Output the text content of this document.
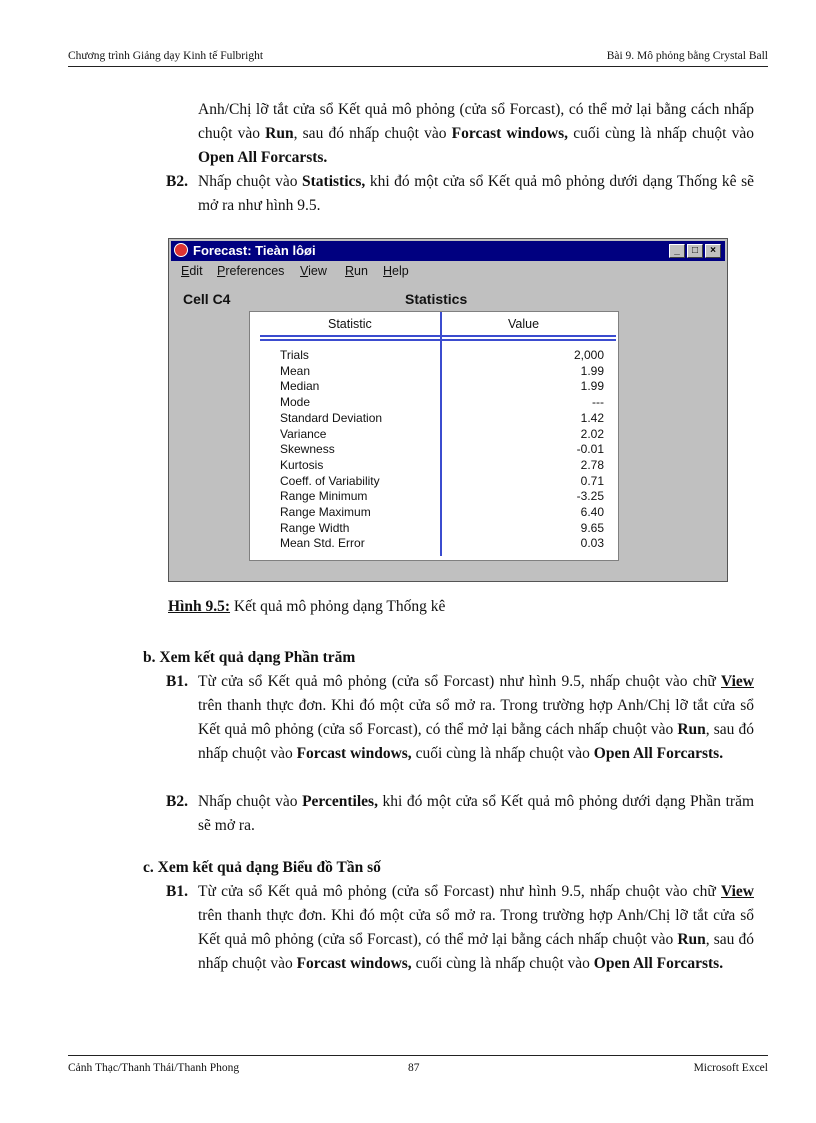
Chương trình Giảng dạy Kinh tế Fulbright	Bài 9. Mô phỏng bằng Crystal Ball
Anh/Chị lỡ tắt cửa sổ Kết quả mô phỏng (cửa sổ Forcast), có thể mở lại bằng cách nhấp chuột vào Run, sau đó nhấp chuột vào Forcast windows, cuối cùng là nhấp chuột vào Open All Forcarsts.
B2. Nhấp chuột vào Statistics, khi đó một cửa sổ Kết quả mô phỏng dưới dạng Thống kê sẽ mở ra như hình 9.5.
Forecast: Tieàn lôøi	_	□	×
Edit Preferences View Run Help
Cell C4	Statistics
Statistic	Value
Trials	2,000
Mean	1.99
Median	1.99
Mode	---
Standard Deviation	1.42
Variance	2.02
Skewness	-0.01
Kurtosis	2.78
Coeff. of Variability	0.71
Range Minimum	-3.25
Range Maximum	6.40
Range Width	9.65
Mean Std. Error	0.03
Hình 9.5: Kết quả mô phỏng dạng Thống kê
b. Xem kết quả dạng Phần trăm
B1. Từ cửa sổ Kết quả mô phỏng (cửa sổ Forcast) như hình 9.5, nhấp chuột vào chữ View trên thanh thực đơn. Khi đó một cửa sổ mở ra. Trong trường hợp Anh/Chị lỡ tắt cửa sổ Kết quả mô phỏng (cửa sổ Forcast), có thể mở lại bằng cách nhấp chuột vào Run, sau đó nhấp chuột vào Forcast windows, cuối cùng là nhấp chuột vào Open All Forcarsts.
B2. Nhấp chuột vào Percentiles, khi đó một cửa sổ Kết quả mô phỏng dưới dạng Phần trăm sẽ mở ra.
c. Xem kết quả dạng Biểu đồ Tần số
B1. Từ cửa sổ Kết quả mô phỏng (cửa sổ Forcast) như hình 9.5, nhấp chuột vào chữ View trên thanh thực đơn. Khi đó một cửa sổ mở ra. Trong trường hợp Anh/Chị lỡ tắt cửa sổ Kết quả mô phỏng (cửa sổ Forcast), có thể mở lại bằng cách nhấp chuột vào Run, sau đó nhấp chuột vào Forcast windows, cuối cùng là nhấp chuột vào Open All Forcarsts.
Cảnh Thạc/Thanh Thái/Thanh Phong	87	Microsoft Excel
